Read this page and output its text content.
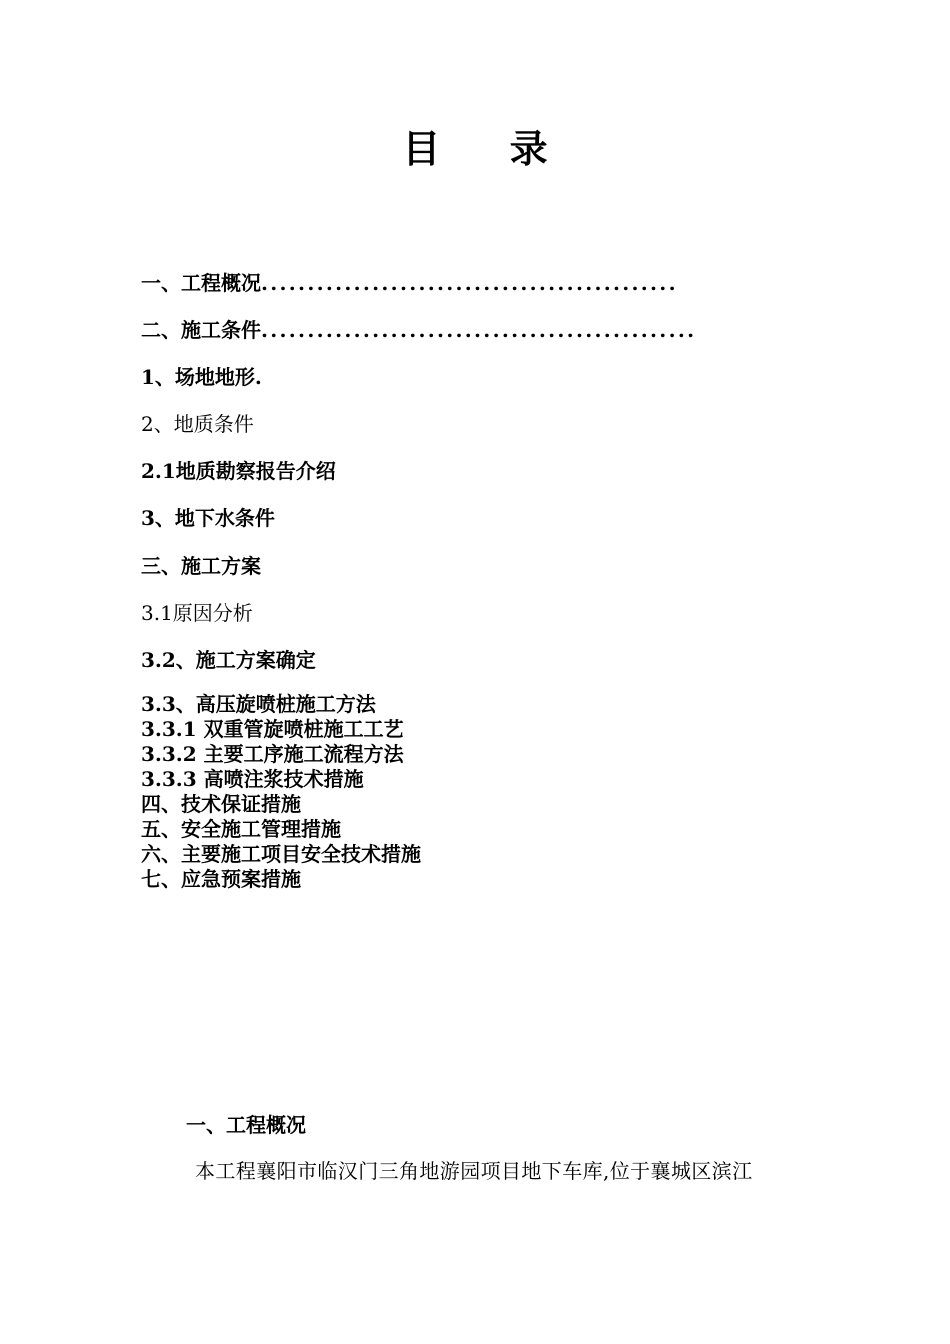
目 录
一、工程概况.............................................
二、施工条件...............................................
1、场地地形.
2、地质条件
2.1地质勘察报告介绍
3、地下水条件
三、施工方案
3.1原因分析
3.2、施工方案确定
3.3、高压旋喷桩施工方法
3.3.1 双重管旋喷桩施工工艺
3.3.2 主要工序施工流程方法
3.3.3 高喷注浆技术措施
四、技术保证措施
五、安全施工管理措施
六、主要施工项目安全技术措施
七、应急预案措施
一、工程概况
本工程襄阳市临汉门三角地游园项目地下车库,位于襄城区滨江
